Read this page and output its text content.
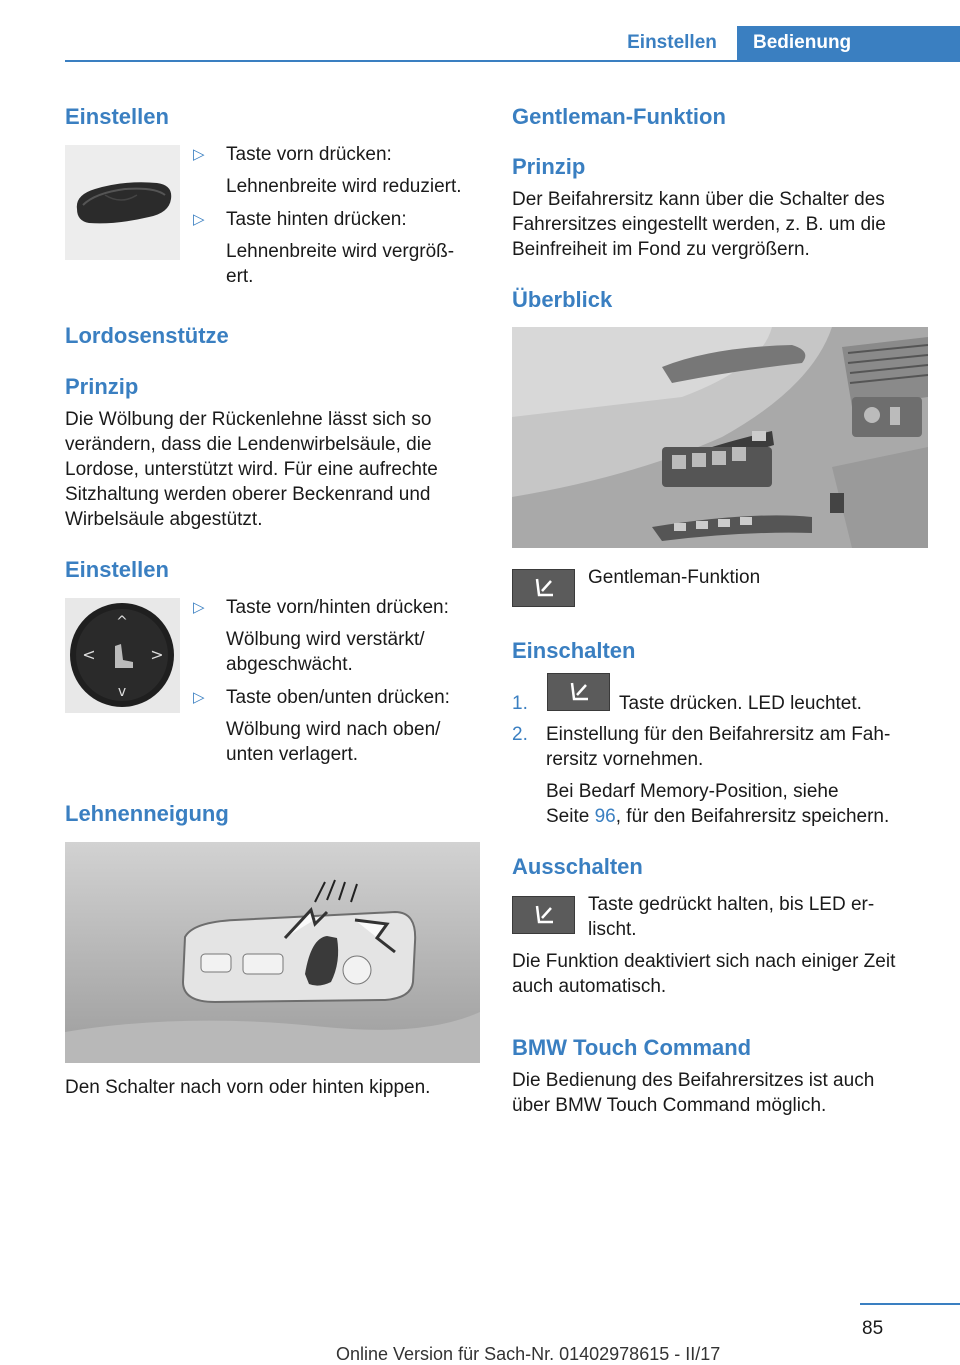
Einstellen	Bedienung
Einstellen
▷ Taste vorn drücken:
Lehnenbreite wird reduziert.
▷ Taste hinten drücken:
Lehnenbreite wird vergröß-
ert.
Lordosenstütze
Prinzip

Die Wölbung der Rückenlehne lässt sich so

verändern, dass die Lendenwirbelsäule, die

Lordose, unterstützt wird. Für eine aufrechte

Sitzhaltung werden oberer Beckenrand und

Wirbelsäule abgestützt.

Einstellen
^
v
<	>
▷ Taste vorn/hinten drücken:
Wölbung wird verstärkt/
abgeschwächt.
▷ Taste oben/unten drücken:
Wölbung wird nach oben/
unten verlagert.
Lehnenneigung
Den Schalter nach vorn oder hinten kippen.
Gentleman-Funktion
Prinzip

Der Beifahrersitz kann über die Schalter des

Fahrersitzes eingestellt werden, z. B. um die

Beinfreiheit im Fond zu vergrößern.

Überblick
Gentleman-Funktion
Einschalten
1.	Taste drücken. LED leuchtet.
2. Einstellung für den Beifahrersitz am Fah-

rersitz vornehmen.

Bei Bedarf Memory-Position, siehe

Seite 96, für den Beifahrersitz speichern.

Ausschalten

Taste gedrückt halten, bis LED er-

lischt.

Die Funktion deaktiviert sich nach einiger Zeit

auch automatisch.

BMW Touch Command

Die Bedienung des Beifahrersitzes ist auch

über BMW Touch Command möglich.

85
Online Version für Sach-Nr. 01402978615 - II/17
